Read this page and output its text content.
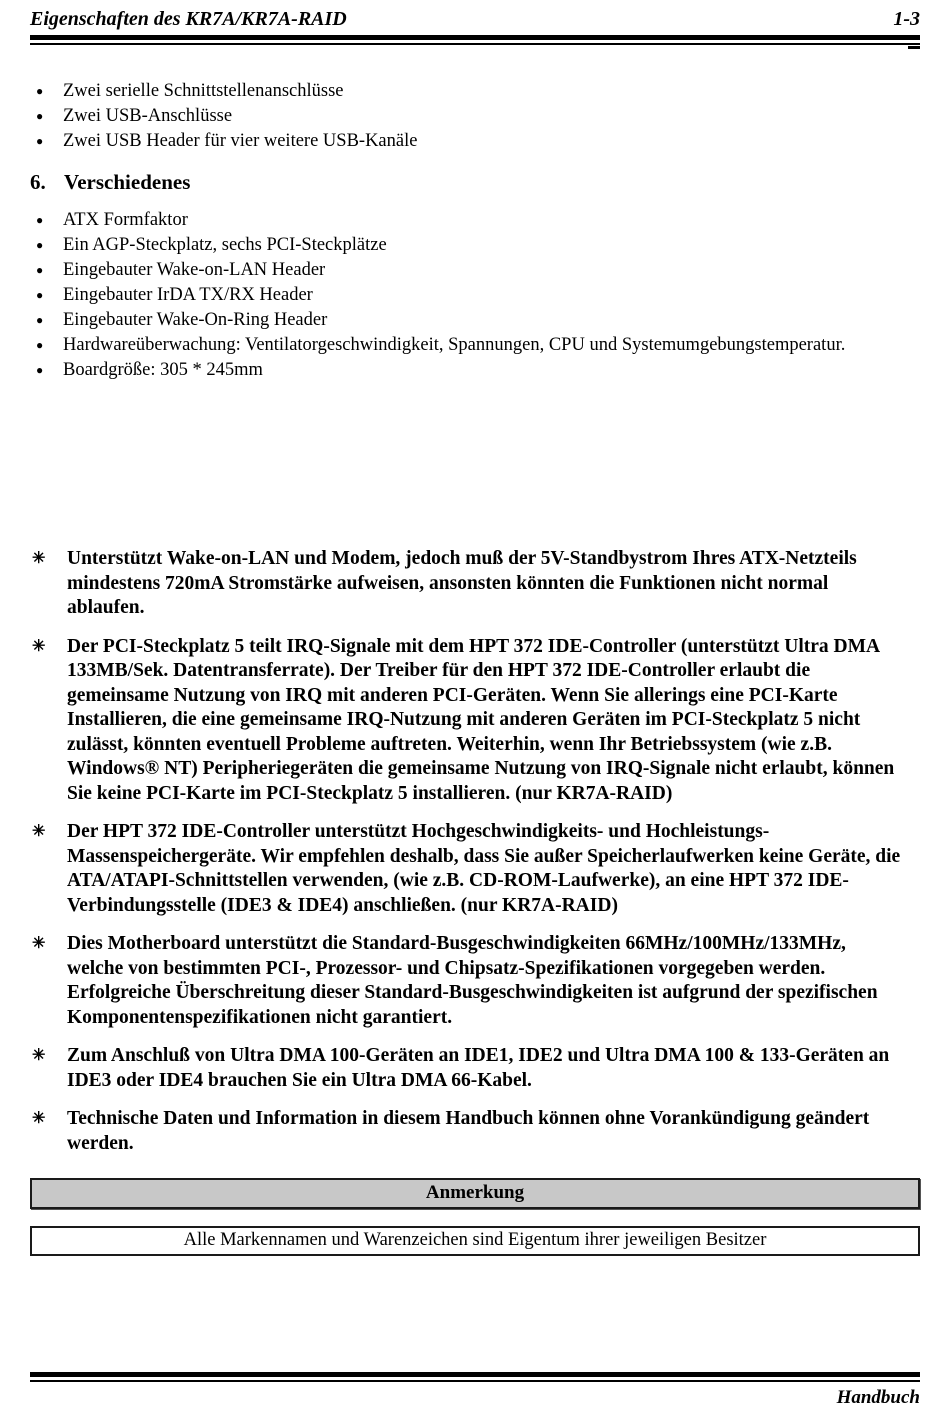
Eigenschaften des KR7A/KR7A-RAID	1-3
●	Zwei serielle Schnittstellenanschlüsse
●	Zwei USB-Anschlüsse
●	Zwei USB Header für vier weitere USB-Kanäle
6. Verschiedenes
●	ATX Formfaktor
●	Ein AGP-Steckplatz, sechs PCI-Steckplätze
●	Eingebauter Wake-on-LAN Header
●	Eingebauter IrDA TX/RX Header
●	Eingebauter Wake-On-Ring Header
●	Hardwareüberwachung: Ventilatorgeschwindigkeit, Spannungen, CPU und Systemumgebungstemperatur.
●	Boardgröße: 305 * 245mm
✳	Unterstützt Wake-on-LAN und Modem, jedoch muß der 5V-Standbystrom Ihres ATX-Netzteils mindestens 720mA Stromstärke aufweisen, ansonsten könnten die Funktionen nicht normal ablaufen.
✳	Der PCI-Steckplatz 5 teilt IRQ-Signale mit dem HPT 372 IDE-Controller (unterstützt Ultra DMA 133MB/Sek. Datentransferrate). Der Treiber für den HPT 372 IDE-Controller erlaubt die gemeinsame Nutzung von IRQ mit anderen PCI-Geräten. Wenn Sie allerings eine PCI-Karte Installieren, die eine gemeinsame IRQ-Nutzung mit anderen Geräten im PCI-Steckplatz 5 nicht zulässt, könnten eventuell Probleme auftreten. Weiterhin, wenn Ihr Betriebssystem (wie z.B. Windows® NT) Peripheriegeräten die gemeinsame Nutzung von IRQ-Signale nicht erlaubt, können Sie keine PCI-Karte im PCI-Steckplatz 5 installieren. (nur KR7A-RAID)
✳	Der HPT 372 IDE-Controller unterstützt Hochgeschwindigkeits- und Hochleistungs-Massenspeichergeräte. Wir empfehlen deshalb, dass Sie außer Speicherlaufwerken keine Geräte, die ATA/ATAPI-Schnittstellen verwenden, (wie z.B. CD-ROM-Laufwerke), an eine HPT 372 IDE-Verbindungsstelle (IDE3 & IDE4) anschließen. (nur KR7A-RAID)
✳	Dies Motherboard unterstützt die Standard-Busgeschwindigkeiten 66MHz/100MHz/133MHz, welche von bestimmten PCI-, Prozessor- und Chipsatz-Spezifikationen vorgegeben werden. Erfolgreiche Überschreitung dieser Standard-Busgeschwindigkeiten ist aufgrund der spezifischen Komponentenspezifikationen nicht garantiert.
✳	Zum Anschluß von Ultra DMA 100-Geräten an IDE1, IDE2 und Ultra DMA 100 & 133-Geräten an IDE3 oder IDE4 brauchen Sie ein Ultra DMA 66-Kabel.
✳	Technische Daten und Information in diesem Handbuch können ohne Vorankündigung geändert werden.
Anmerkung
Alle Markennamen und Warenzeichen sind Eigentum ihrer jeweiligen Besitzer
Handbuch
